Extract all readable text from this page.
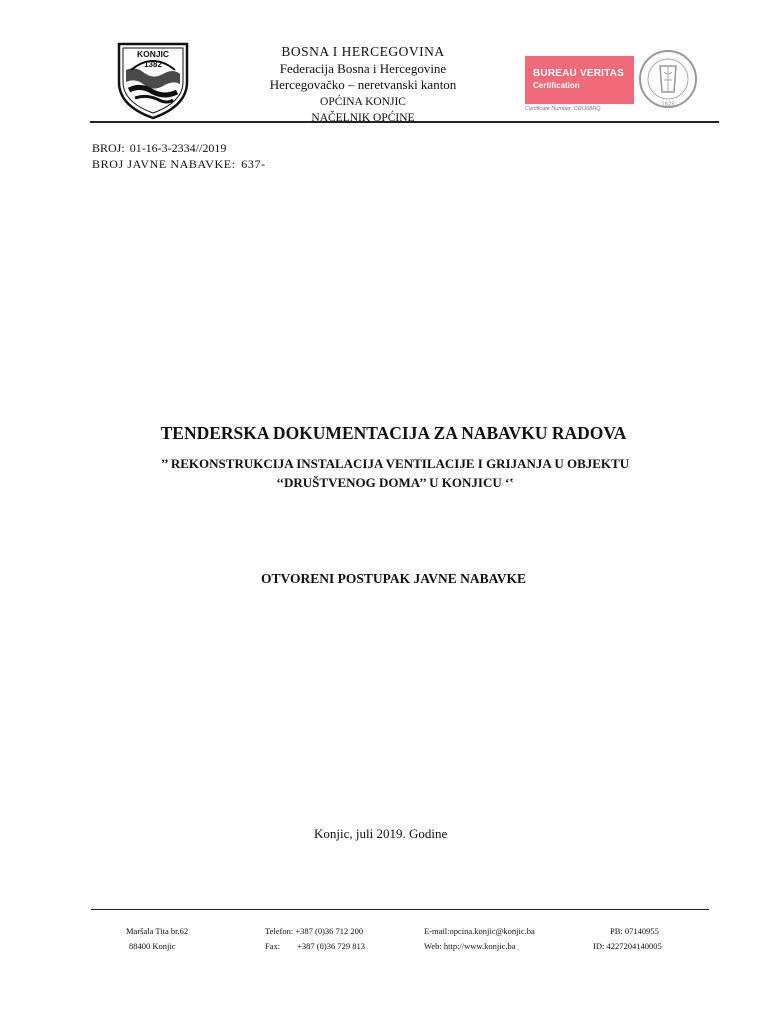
KONJIC
1382
BOSNA I HERCEGOVINA
Federacija Bosna i Hercegovine
Hercegovačko – neretvanski kanton
OPĆINA KONJIC
NAČELNIK OPĆINE
BUREAU VERITAS
Certification
Certificate Number: CRO68HQ
1828
BROJ: 01-16-3-2334//2019
BROJ JAVNE NABAVKE: 637-
TENDERSKA DOKUMENTACIJA ZA NABAVKU RADOVA
’’ REKONSTRUKCIJA INSTALACIJA VENTILACIJE I GRIJANJA U OBJEKTU
‘‘DRUŠTVENOG DOMA’’ U KONJICU ‘‛
OTVORENI POSTUPAK JAVNE NABAVKE
Konjic, juli 2019. Godine
Maršala Tita br.62
88400 Konjic
Telefon: +387 (0)36 712 200
Fax: +387 (0)36 729 813
E-mail:opcina.konjic@konjic.ba
Web: http://www.konjic.ba
PB: 07140955
ID: 4227204140005
